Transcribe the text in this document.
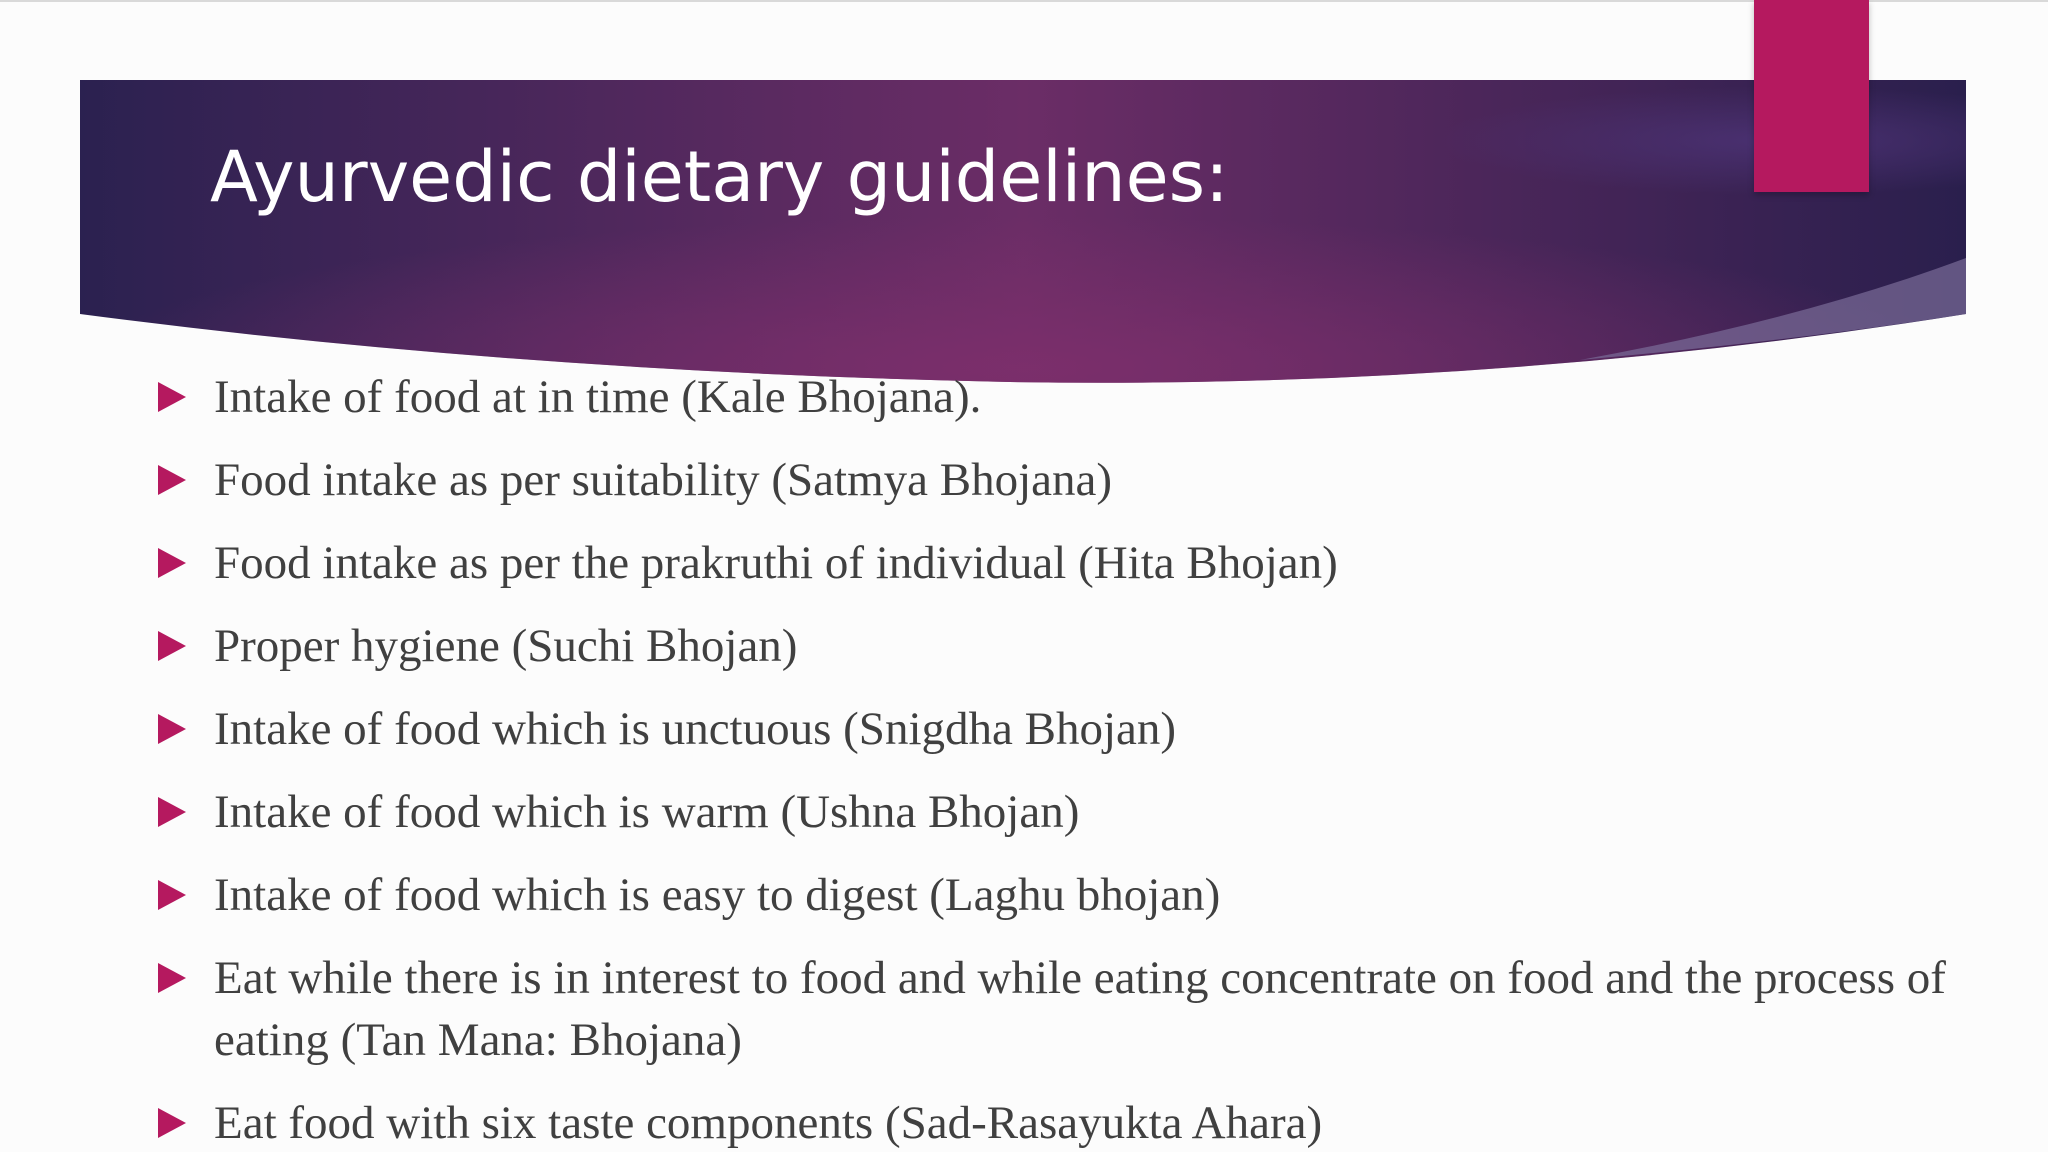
Ayurvedic dietary guidelines:
Intake of food at in time (Kale Bhojana).
Food intake as per suitability (Satmya Bhojana)
Food intake as per the prakruthi of individual (Hita Bhojan)
Proper hygiene (Suchi Bhojan)
Intake of food which is unctuous (Snigdha Bhojan)
Intake of food which is warm (Ushna Bhojan)
Intake of food which is easy to digest (Laghu bhojan)
Eat while there is in interest to food and while eating concentrate on food and the process of eating (Tan Mana: Bhojana)
Eat food with six taste components (Sad-Rasayukta Ahara)
